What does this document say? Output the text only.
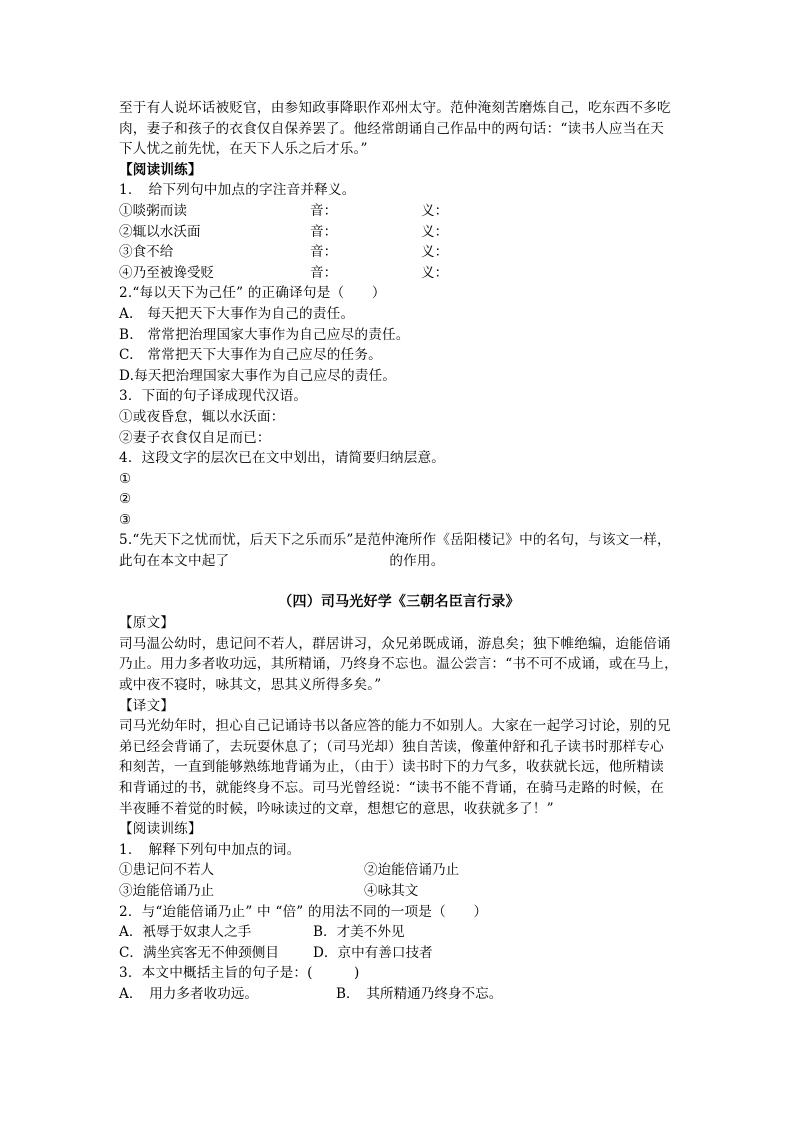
至于有人说坏话被贬官，由参知政事降职作邓州太守。范仲淹刻苦磨炼自己，吃东西不多吃
肉，妻子和孩子的衣食仅自保养罢了。他经常朗诵自己作品中的两句话：“读书人应当在天
下人忧之前先忧，在天下人乐之后才乐。”
【阅读训练】
1．　给下列句中加点的字注音并释义。
①啖粥而读	音：	义：
②辄以水沃面	音：	义：
③食不给	音：	义：
④乃至被谗受贬	音：	义：
2.“每以天下为己任” 的正确译句是（　　）
A.　每天把天下大事作为自己的责任。
B.　常常把治理国家大事作为自己应尽的责任。
C.　常常把天下大事作为自己应尽的任务。
D.每天把治理国家大事作为自己应尽的责任。
3．下面的句子译成现代汉语。
①或夜昏怠，辄以水沃面：
②妻子衣食仅自足而已：
4．这段文字的层次已在文中划出，请简要归纳层意。
①
②
③
5.“先天下之忧而忧，后天下之乐而乐”是范仲淹所作《岳阳楼记》中的名句，与该文一样，
此句在本文中起了	的作用。
（四）司马光好学《三朝名臣言行录》
【原文】
司马温公幼时，患记问不若人，群居讲习，众兄弟既成诵，游息矣；独下帷绝编，迨能倍诵
乃止。用力多者收功远，其所精诵，乃终身不忘也。温公尝言：“书不可不成诵，或在马上，
或中夜不寝时，咏其文，思其义所得多矣。”
【译文】
司马光幼年时，担心自己记诵诗书以备应答的能力不如别人。大家在一起学习讨论，别的兄
弟已经会背诵了，去玩耍休息了；（司马光却）独自苦读，像董仲舒和孔子读书时那样专心
和刻苦，一直到能够熟练地背诵为止，（由于）读书时下的力气多，收获就长远，他所精读
和背诵过的书，就能终身不忘。司马光曾经说：“读书不能不背诵，在骑马走路的时候，在
半夜睡不着觉的时候，吟咏读过的文章，想想它的意思，收获就多了！”
【阅读训练】
1．　解释下列句中加点的词。
①患记问不若人	②迨能倍诵乃止
③迨能倍诵乃止	④咏其文
2．与“迨能倍诵乃止” 中 “倍” 的用法不同的一项是（　　）
A．衹辱于奴隶人之手	B．才美不外见
C．满坐宾客无不伸颈侧目	D．京中有善口技者
3．本文中概括主旨的句子是：(　　　)
A．　用力多者收功远。	B．　其所精通乃终身不忘。
